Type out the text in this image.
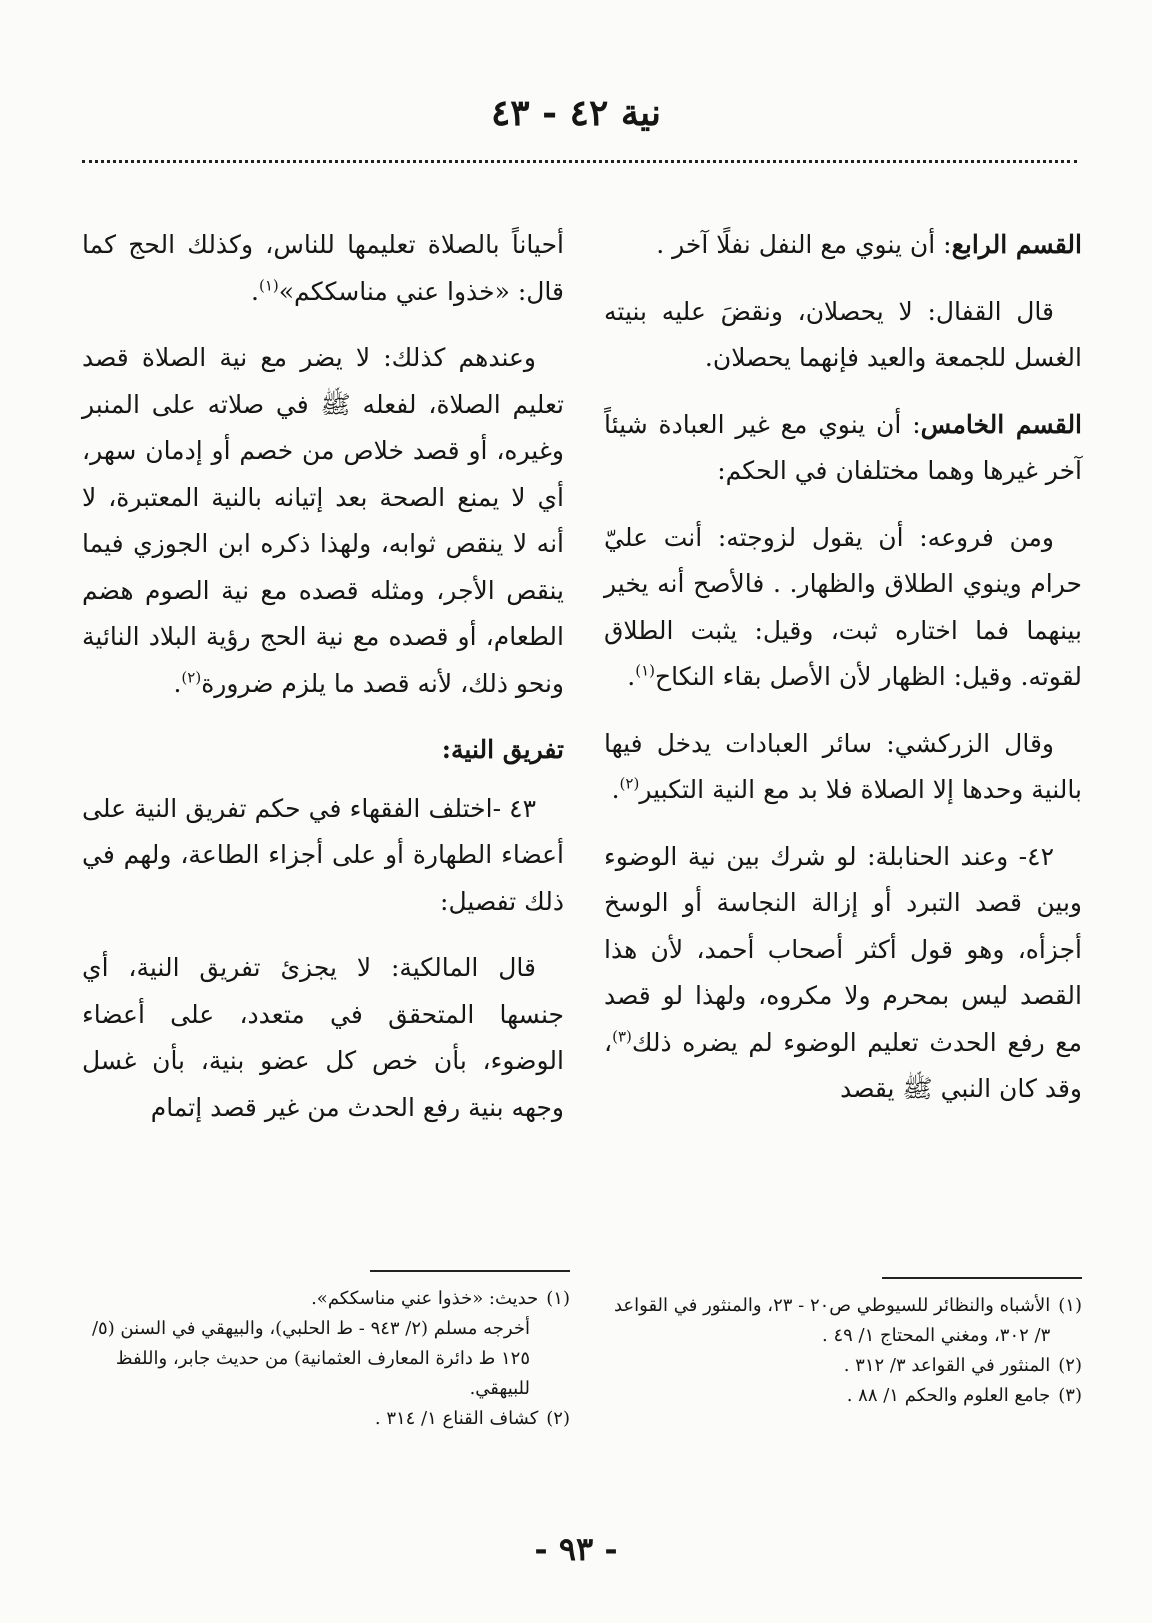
نية ٤٢ - ٤٣

القسم الرابع: أن ينوي مع النفل نفلًا آخر .

قال القفال: لا يحصلان، ونقضَ عليه بنيته الغسل للجمعة والعيد فإنهما يحصلان.

القسم الخامس: أن ينوي مع غير العبادة شيئاً آخر غيرها وهما مختلفان في الحكم:

ومن فروعه: أن يقول لزوجته: أنت عليّ حرام وينوي الطلاق والظهار. . فالأصح أنه يخير بينهما فما اختاره ثبت، وقيل: يثبت الطلاق لقوته. وقيل: الظهار لأن الأصل بقاء النكاح$^{(١)}$.

وقال الزركشي: سائر العبادات يدخل فيها بالنية وحدها إلا الصلاة فلا بد مع النية التكبير$^{(٢)}$.

٤٢- وعند الحنابلة: لو شرك بين نية الوضوء وبين قصد التبرد أو إزالة النجاسة أو الوسخ أجزأه، وهو قول أكثر أصحاب أحمد، لأن هذا القصد ليس بمحرم ولا مكروه، ولهذا لو قصد مع رفع الحدث تعليم الوضوء لم يضره ذلك$^{(٣)}$، وقد كان النبي ﷺ يقصد

أحياناً بالصلاة تعليمها للناس، وكذلك الحج كما قال: «خذوا عني مناسككم»$^{(١)}$.

وعندهم كذلك: لا يضر مع نية الصلاة قصد تعليم الصلاة، لفعله ﷺ في صلاته على المنبر وغيره، أو قصد خلاص من خصم أو إدمان سهر، أي لا يمنع الصحة بعد إتيانه بالنية المعتبرة، لا أنه لا ينقص ثوابه، ولهذا ذكره ابن الجوزي فيما ينقص الأجر، ومثله قصده مع نية الصوم هضم الطعام، أو قصده مع نية الحج رؤية البلاد النائية ونحو ذلك، لأنه قصد ما يلزم ضرورة$^{(٢)}$.

تفريق النية:

٤٣ -اختلف الفقهاء في حكم تفريق النية على أعضاء الطهارة أو على أجزاء الطاعة، ولهم في ذلك تفصيل:

قال المالكية: لا يجزئ تفريق النية، أي جنسها المتحقق في متعدد، على أعضاء الوضوء، بأن خص كل عضو بنية، بأن غسل وجهه بنية رفع الحدث من غير قصد إتمام

(١)
الأشباه والنظائر للسيوطي ص٢٠ - ٢٣، والمنثور في القواعد ٣/ ٣٠٢، ومغني المحتاج ١/ ٤٩ .
(٢)
المنثور في القواعد ٣/ ٣١٢ .
(٣)
جامع العلوم والحكم ١/ ٨٨ .
(١)
حديث: «خذوا عني مناسككم».
أخرجه مسلم (٢/ ٩٤٣ - ط الحلبي)، والبيهقي في السنن (٥/ ١٢٥ ط دائرة المعارف العثمانية) من حديث جابر، واللفظ للبيهقي.
(٢)
كشاف القناع ١/ ٣١٤ .
- ٩٣ -
